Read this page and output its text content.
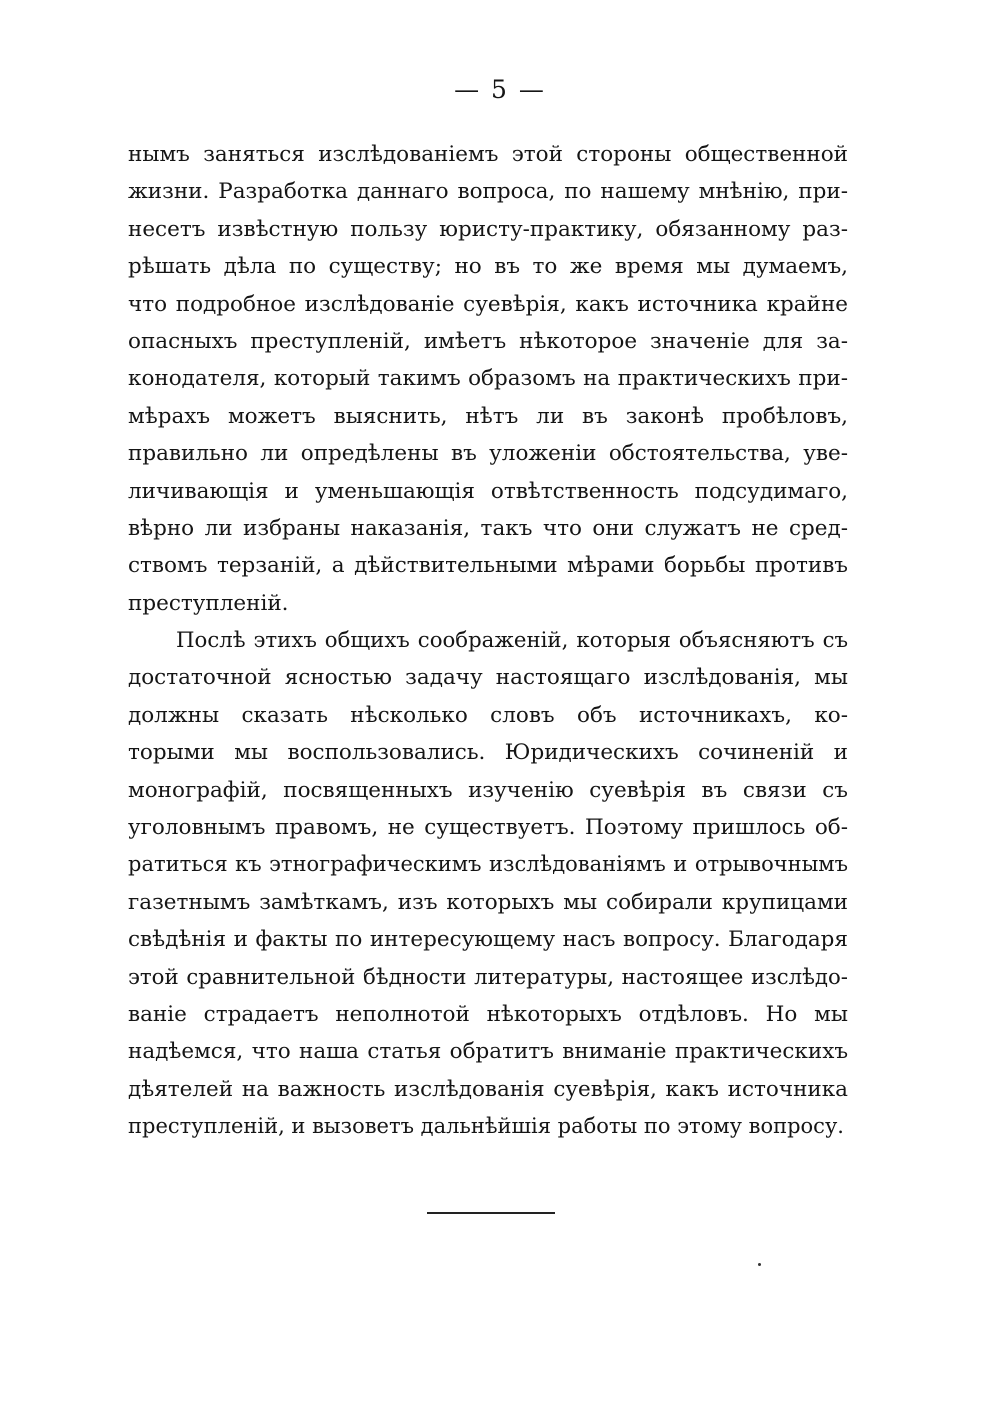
— 5 —
нымъ заняться изслѣдованіемъ этой стороны общественной
жизни. Разработка даннаго вопроса, по нашему мнѣнію, при-
несетъ извѣстную пользу юристу-практику, обязанному раз-
рѣшать дѣла по существу; но въ то же время мы думаемъ,
что подробное изслѣдованіе суевѣрія, какъ источника крайне
опасныхъ преступленій, имѣетъ нѣкоторое значеніе для за-
конодателя, который такимъ образомъ на практическихъ при-
мѣрахъ можетъ выяснить, нѣтъ ли въ законѣ пробѣловъ,
правильно ли опредѣлены въ уложеніи обстоятельства, уве-
личивающія и уменьшающія отвѣтственность подсудимаго,
вѣрно ли избраны наказанія, такъ что они служатъ не сред-
ствомъ терзаній, а дѣйствительными мѣрами борьбы противъ
преступленій.
Послѣ этихъ общихъ соображеній, которыя объясняютъ съ
достаточной ясностью задачу настоящаго изслѣдованія, мы
должны сказать нѣсколько словъ объ источникахъ, ко-
торыми мы воспользовались. Юридическихъ сочиненій и
монографій, посвященныхъ изученію суевѣрія въ связи съ
уголовнымъ правомъ, не существуетъ. Поэтому пришлось об-
ратиться къ этнографическимъ изслѣдованіямъ и отрывочнымъ
газетнымъ замѣткамъ, изъ которыхъ мы собирали крупицами
свѣдѣнія и факты по интересующему насъ вопросу. Благодаря
этой сравнительной бѣдности литературы, настоящее изслѣдо-
ваніе страдаетъ неполнотой нѣкоторыхъ отдѣловъ. Но мы
надѣемся, что наша статья обратитъ вниманіе практическихъ
дѣятелей на важность изслѣдованія суевѣрія, какъ источника
преступленій, и вызоветъ дальнѣйшія работы по этому вопросу.
